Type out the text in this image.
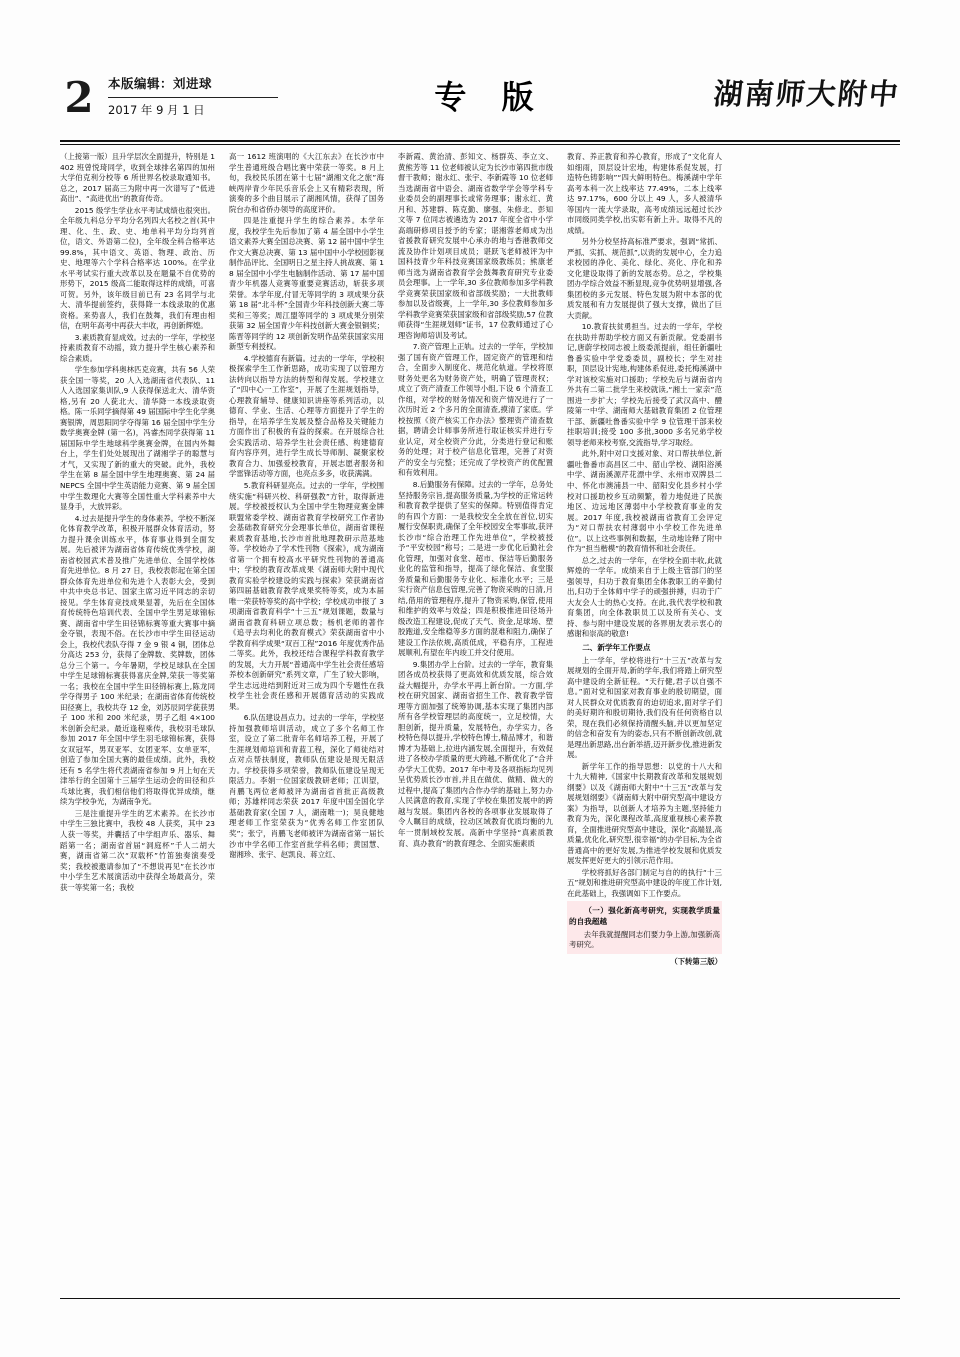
2 本版编辑：刘进球
2017 年 9 月 1 日	专 版	湖南师大附中

（上接第一版）且升学层次全面提升，特别是 1402 班曾悦琦同学，收到全球排名第四的加州大学伯克利分校等 6 所世界名校录取通知书。总之，2017 届高三为附中再一次谱写了“低进高出”、“高进优出”的教育传奇。

2015 级学生学业水平考试成绩也很突出。全年级九科总分平均分名列四大名校之首(其中理、化、生、政、史、地单科平均分均列首位，语文、外语第二位)，全年级全科合格率达 99.8%，其中语文、英语、物理、政治、历史、地理等六个学科合格率达 100%。在学业水平考试实行重大改革以及在题量不自优势的形势下，2015 级高二能取得这样的成绩，可喜可贺。另外，该年级目前已有 23 名同学与北大、清华提前签约，获得降一本线录取的优惠资格。来势喜人，我们在鼓舞，我们有理由相信，在明年高考中再获大丰收，再创新辉煌。

3.素质教育显成效。过去的一学年，学校坚持素质教育不动摇，致力提升学生核心素养和综合素质。

学生参加学科奥林匹克竞赛，共有 56 人荣获全国一等奖，20 人入选湖南省代表队、11 人入选国家集训队,9 人获得保送北大、清华资格,另有 20 人莸北大、清华降一本线录取资格。陈一乐同学摘得第 49 届国际中学生化学奥赛银牌，周思阳同学夺得第 16 届全国中学生分数学奥赛金牌 (第一名)，冯睿杰同学获得第 11 届国际中学生地球科学奥赛金牌，在国内外舞台上，学生们处处展现出了湖湘学子的聪慧与才气，又实现了新的重大的突破。此外，我校学生在第 8 届全国中学生地理奥赛、第 24 届 NEPCS 全国中学生英语能力竞赛、第 9 届全国中学生数理化大赛等全国性重大学科素养中大显身手，大放异彩。

4.过去是提升学生的身体素养。学校不断深化体育教学改革，积极开展群众体育活动，努力提升课余训练水平，体育事业得到全面发展。先后被评为湖南省体育传统优秀学校，湖南省校园武术普及推广先进单位、全国学校体育先进单位。8 月 27 日，我校表彰起在第全国群众体育先进单位和先进个人表彰大会，受到中共中央总书记、国家主席习近平同志的亲切接见。学生体育竞技成果显著，先后在全国体育传统特色培训代表、全国中学生男足球锦标赛、湖南省中学生田径锦标赛等重大赛事中摘金夺银，表现不俗。在长沙市中学生田径运动会上，我校代表队夺得 7 金 9 银 4 铜，团体总分高达 253 分，获得了金牌数、奖牌数，团体总分三个第一。今年暑期，学校足球队在全国中学生足球锦标赛获得喜庆金牌,荣获一等奖第一名；我校在全国中学生田径锦标赛上,陈龙同学夺得男子 100 米纪录；在湖南省体育传统校田径赛上，我校共夺 12 金，刘苏辰同学莸获男子 100 米和 200 米纪录，男子乙组 4×100 米创新会纪录。最近逢程乘传，我校羽毛球队参加 2017 年全国中学生羽毛球锦标赛，获得女双冠军，男双亚军、女团亚军、女单亚军，创造了参加全国大赛的最佳成绩。此外，我校还有 5 名学生将代表湖南省参加 9 月上旬在天津举行的全国第十三届学生运动会的田径和乒乓球比赛，我们相信他们将取得优异成绩，继续为学校争光，为湖南争光。

三是注重提升学生的艺术素养。在长沙市中学生三独比赛中，我校 48 人获奖，其中 23 人获一等奖，并囊括了中学组声乐、器乐、舞蹈第一名；湖南省首届“洞庭杯”千人二胡大赛，湖南省第二次“双载杯”竹笛独奏演奏受奖；我校被邀请参加了“不想说再见”在长沙市中小学生艺术展演活动中获得全场最高分，荣获一等奖第一名；我校

高一 1612 班演唱的《大江东去》在长沙市中学生普通班级合唱比赛中荣获一等奖。8 月上旬，我校民乐团在第十七届“湖湘文化之旅”海峡两岸青少年民乐音乐会上又有精彩表现，所演奏的多个曲目展示了湖湘风情，获得了国务院台办和省侨办领导的高度评价。

四是注重提升学生的综合素养。本学年度，我校学生先后参加了第 4 届全国中小学生语文素养大赛全国总决赛、第 12 届中国中学生作文大赛总决赛、第 13 届中国中小学校园影视制作品评比、全国明日之星主持人挑战赛、第 18 届全国中小学生电脑制作活动、第 17 届中国青少年机器人竞赛等重要竞赛活动，斩获多项荣誉。本学年度,付冒无等同学的 3 项成果分获第 18 届“北斗杯”全国青少年科技创新大赛二等奖和三等奖；周江盟等同学的 3 项成果分别荣获第 32 届全国青少年科技创新大赛金银铜奖；陈晋等同学的 12 项创新发明作品荣获国家实用新型专利授权。

4.学校德育有新篇。过去的一学年，学校积极探索学生工作新思路，成功实现了以管理方法转向以指导方法的转型和得发展。学校建立了“四中心一工作室”，开展了生涯规划指导，心理教育辅导、健康知识讲座等系列活动，以德育、学业、生活、心理等方面提升了学生的指导，在培养学生发展及整合品格及关键能力方面作出了积极的有益的探索。在开展综合社会实践活动、培养学生社会责任感、构建德育育内容序列，进行学生成长导师制、凝聚家校教育合力、加强爱校教育，开展志愿者服务和学雷锋活动等方面，也亮点多多，收获满满。

5.教育科研显亮点。过去的一学年，学校围绕实施“科研兴校、科研强教”方针，取得新进展。学校被授权认为全国中学生物理竞赛金牌联盟常委学校、湖南省教育学校研究工作者协会基础教育研究分会理事长单位，湖南省课程素质教育基地,长沙市首批地理教研示范基地等。学校始办了学术性刊物《探索》，成为湖南省第一个拥有校高水平研究性刊物的普通高中；学校的教育改革成果《湖南师大附中现代教育实验学校建设的实践与探索》荣获湖南省第四届基础教育教学成果奖特等奖，成为本届唯一荣获特等奖的高中学校；学校成功申报了 3 项湖南省教育科学“十三五”规划课题，数量与湖南省教育科研立项总数；杨机老师的著作《追寻去均利化的教育模式》荣获湖南省中小学教育科学成果“双百工程”2016 年度优秀作品二等奖。此外，我校还结合课程学科教育教学的发展，大力开展“普通高中学生社会责任感培养校本创新研究”系列文章，广生了较大影响，学生志远进结到附近对三成为四个专题性在我校学生社会责任感和开展德育活动的实践成果。

6.队伍建设昌点力。过去的一学年，学校坚持加强教师培训活动，成立了多个名师工作室，设立了第二批青年名师培养工程，开展了生涯规划师培训和青蓝工程，深化了师徒结对点对点帮扶制度，教师队伍建设是现无限活力。学校获得多项荣誉，教师队伍建设呈现无限活力。李娟一位国家级教研老师；江训望，肖鹏飞两位老师被评为湖南省首批正高级教师；苏雄样同志荣获 2017 年度中国全国化学基础教育家(全国 7 人，湖南唯一)；昊良健地理老师工作室荣获为“优秀名师工作室团队奖”；张宁，肖鹏飞老师被评为湖南省第一届长沙市中学名师工作室首批学科名师；黄国慧、谢湘珍、张宇、赵凯良、蒋立红、

李新霞、黄治清、彭知文、杨群英、李立文、黄熊芳等 11 位老师被认定为长沙市第四批市级督干教师；谢永红、张宇、李新霞等 10 位老师当选湖南省中语会、湖南省数学学会等学科专业委员会的副理事长或常务理事；谢永红、黄月和、苏建群、陈克勤、廖强、朱修北、彭知文等 7 位同志被遴选为 2017 年度全省中小学高端研修项目授予的专家；谌湘蓉老师成为出省援教育研究发展中心承办的地与香港教师交流及协作计划项目成员；谌跃飞老师被评为中国科技青少年科技竞赛国家级教练员；熊康老师当选为湖南省教育学会鼓舞教育研究专业委员会理事。上一学年,30 多位教师参加多学科教学竞赛荣获国家级和省部级奖励；一大批教师参加以及省级赛，上一学年,30 多位教师参加多学科教学竞赛荣获国家级和省部级奖励,57 位教师获得“生涯规划师”证书，17 位教师通过了心理咨询师培训及考试。

7.资产管理上正轨。过去的一学年，学校加强了国有资产管理工作，固定资产的管理和结合，全面步入制度化、规范化轨道。学校将原财务处更名为财务资产处，明确了管理责权；成立了资产清查工作领导小组,下设 6 个清查工作组，对学校的财务情况和资产情况进行了一次历时近 2 个多月的全面清查,摸清了家底。学校按照《资产核实工作办法》整理资产清查数据，聘请会计师事务所进行取证核实并进行专业认定，对全校资产分此，分类进行登记和账务的处理；对于校产信息化管理，完善了对资产的安全与完整；还完成了学校资产的优配置和有效利用。

8.后勤服务有保障。过去的一学年，总务处坚持服务宗旨,提高服务质量,为学校的正常运转和教育教学提供了坚实的保障。特别值得肯定的有四个方面：一是我校安全全放在首位,切实履行安保职责,确保了全年校园安全零事故,获评长沙市“综合治理工作先进单位”，学校被授予“平安校园”称号；二是进一步优化后勤社会化管理，加强对食堂、超市、保洁等后勤服务业化的监管和指导，提高了绿化保洁、食堂服务质量和后勤服务专业化、标准化水平；三是实行资产信息包管理,完善了物资采购的日清,月结,借用的管理程序,提升了物资采购,保管,使用和维护的效率与效益；四是积极推进田径场升级改造工程建设,促成了天气、资金,足球场、塑胶跑道,安全维稳等多方面的混难和阻力,确保了建设工作法依规,高质低成，平稳有序，工程进展顺利,有望在年内竣工并交付使用。

9.集团办学上台阶。过去的一学年，教育集团各成员校获得了更高效和优质发展，综合效益大幅提升，办学水平再上新台阶。一方面,学校在研究国家、湖南省招生工作、教育教学管理等方面加强了统筹协调,基本实现了集团内部所有各学校管理层的高度统一，立足校情，大胆创新，提升质量，发展特色，办学实力，各校特色得以提升,学校特色博士,精品博才，和谐博才为基础上,拉进内涵发展,全面提升，有效促进了各校办学质量的更大跨越,不断优化了“合并办学大工优势。2017 年中考及各项指标均见列呈优势质长沙市首,并且在做优、做精、做大的过程中,提高了集团内合作办学的基础上,努力办人民满意的教育,实现了学校在集团发展中的跨越与发展。集团内各校的各项事业发展取得了令人瞩目的成绩，拉动区域教育优质均衡的九年一贯制域校发展。高新中学坚持“真素质教育、真办教育”的教育理念、全面实施素质

教育、养正教育和养心教育，形成了“文化育人如细雨，顶层设计宏地，构建体系促发展，打造特色铸影响”“四大鲜明特色。梅溪湖中学年高考本科一次上线率达 77.49%，二本上线率达 97.17%，600 分以上 49 人，多人被清华等国内一流大学录取，高考成绩远远超过长沙市同级同类学校,出实彰有新上升。取得不凡的成绩。

另外分校坚持高标准严要求，强调“常抓、严抓、实抓、规范抓”,以责的发展中心，全力追求校园的净化、美化、绿化、亮化、序化和养文化建设取得了新的发展态势。总之，学校集团办学综合效益不断显现,竞争优势明显增强,各集团校的多元发展、特色发展为附中本部的优质发展和有力发展提供了强大支撑，做出了巨大贡献。

10.教育扶贫勇担当。过去的一学年，学校在扶助并帮助学校方面又有新贡献。党委副书记,唐蔚学校同志被上级委派提前，组任新疆吐鲁番实验中学党委委员，副校长；学生对挂职，顶层设计宪地,构建体系促进,委托梅溪湖中学对该校实施对口援助；学校先后与湖南省内外共有二第二批学生来校就读,“湘土一家亲”范围进一步扩大；学校先后接受了武汉高中、醴陵第一中学、湖南师大基础教育集团 2 位管理干部、新疆吐鲁番实验中学 9 位管理干部来校挂职培训;接受 100 多批,3000 多名兄弟学校领导老师来校考察,交流指导,学习取经。

此外,附中对口支援对象、对口帮扶单位,新疆吐鲁番市高昌区二中、韶山学校、湖阳浴溪中学、湖南溪源芹花漂中学、永州市双牌县二中、怀化市澳浦县一中、韶阳安化县乡村小学校对口援助校乡互动频繁，着力地促进了民族地区、边远地区薄弱中小学校教育事业的发展。2017 年度,我校被湖南省教育工会评定为“对口帮扶农村薄弱中小学校工作先进单位”。以上这些事例和数据，生动地诠释了附中作为“担当楷模”的教育情怀和社会责任。

总之,过去的一学年，在学校全面丰收,此就辉煌的一学年。成绩来自于上级主管部门的坚强领导，归功于教育集团全体教职工的辛勤付出,归功于全体师中学子的顽强拼搏，归功于广大友会人士的热心支持。在此,我代表学校和教育集团，向全体教职员工以及所有关心、支持、参与附中建设发展的各界朋友表示衷心的感谢和崇高的敬意!

二、新学年工作要点

上一学年，学校将进行“十三五”改革与发展规划的全面开局,新的学年,我们将踏上研究型高中建设的全新征程。“天行健,君子以自强不息。”面对党和国家对教育事业的殷切期望，面对人民群众对优质教育的迫切追求,面对学子们的美好期许和殷切期待,我们没有任何资格自以荣，现在我们必须保持清醒头脑,并以更加坚定的信念和奋发有为的姿态,只有不断创新改创,就是理出新思路,出台新举措,迈开新步伐,推进新发展。

新学年工作的指导思想：以党的十八大和十九大精神,《国家中长期教育改革和发展规划纲要》以及《湖南师大附中“十三五”改革与发展规划纲要》《湖南师大附中研究型高中建设方案》为指导，以创新人才培养为主题,坚持能力教育为先，深化课程改革,高度重视核心素养教育，全面推进研究型高中建设，深化“高端显,高质量,优化化,研究型,很幸福”的办学目标,为全省普通高中的更好发展,为推进学校发展和优质发展发挥更好更大的引领示范作用。

学校将抓好各部门制定与自的的执行“十三五”规划和推进研究型高中建设的年度工作计划,在此基础上，我强调如下工作要点。

（一）强化新高考研究，实现教学质量的自我超越

去年我就提醒同志们要力争上游,加强新高考研究。

（下转第三版）
